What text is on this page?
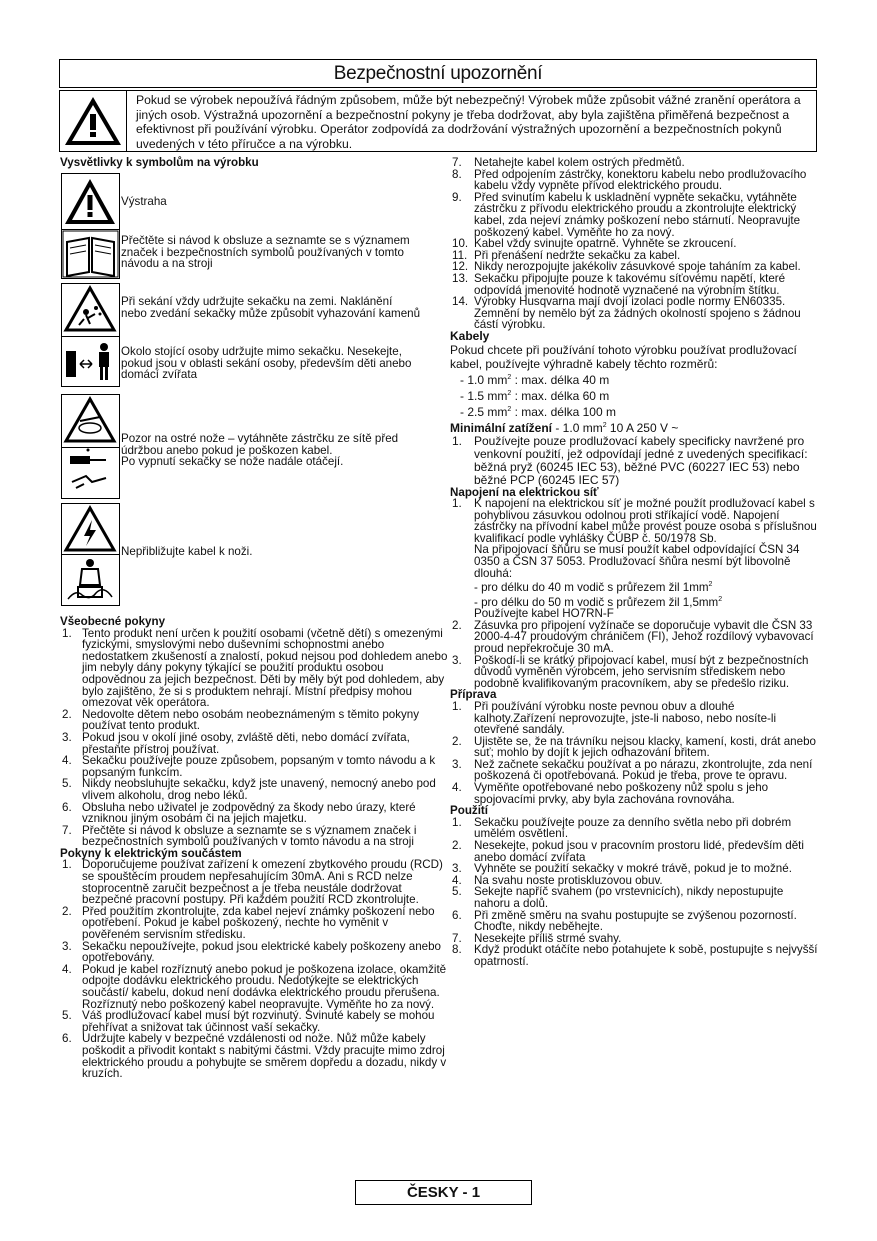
Bezpečnostní upozornění
Pokud se výrobek nepoužívá řádným způsobem, může být nebezpečný! Výrobek může způsobit vážné zranění operátora a jiných osob. Výstražná upozornění a bezpečnostní pokyny je třeba dodržovat, aby byla zajištěna přiměřená bezpečnost a efektivnost při používání výrobku. Operátor zodpovídá za dodržování výstražných upozornění a bezpečnostních pokynů uvedených v této příručce a na výrobku.
Vysvětlivky k symbolům na výrobku
Výstraha
Přečtěte si návod k obsluze a seznamte se s významem značek i bezpečnostních symbolů používaných v tomto návodu a na stroji
Při sekání vždy udržujte sekačku na zemi. Naklánění nebo zvedání sekačky může způsobit vyhazování kamenů
Okolo stojící osoby udržujte mimo sekačku. Nesekejte, pokud jsou v oblasti sekání osoby, především děti anebo domácí zvířata
Pozor na ostré nože – vytáhněte zástrčku ze sítě před údržbou anebo pokud je poškozen kabel.
Po vypnutí sekačky se nože nadále otáčejí.
Nepřibližujte kabel k noži.
Všeobecné pokyny
1. Tento produkt není určen k použití osobami (včetně dětí) s omezenými fyzickými, smyslovými nebo duševními schopnostmi anebo nedostatkem zkušeností a znalostí, pokud nejsou pod dohledem anebo jim nebyly dány pokyny týkající se použití produktu osobou odpovědnou za jejich bezpečnost. Děti by měly být pod dohledem, aby bylo zajištěno, že si s produktem nehrají. Místní předpisy mohou omezovat věk operátora.
2. Nedovolte dětem nebo osobám neobeznámeným s těmito pokyny používat tento produkt.
3. Pokud jsou v okolí jiné osoby, zvláště děti, nebo domácí zvířata, přestaňte přístroj používat.
4. Sekačku používejte pouze způsobem, popsaným v tomto návodu a k popsaným funkcím.
5. Nikdy neobsluhujte sekačku, když jste unavený, nemocný anebo pod vlivem alkoholu, drog nebo léků.
6. Obsluha nebo uživatel je zodpovědný za škody nebo úrazy, které vzniknou jiným osobám či na jejich majetku.
7. Přečtěte si návod k obsluze a seznamte se s významem značek i bezpečnostních symbolů používaných v tomto návodu a na stroji
Pokyny k elektrickým součástem
1. Doporučujeme používat zařízení k omezení zbytkového proudu (RCD) se spouštěcím proudem nepřesahujícím 30mA. Ani s RCD nelze stoprocentně zaručit bezpečnost a je třeba neustále dodržovat bezpečné pracovní postupy. Při každém použití RCD zkontrolujte.
2. Před použitím zkontrolujte, zda kabel nejeví známky poškození nebo opotřebení. Pokud je kabel poškozený, nechte ho vyměnit v pověřeném servisním středisku.
3. Sekačku nepoužívejte, pokud jsou elektrické kabely poškozeny anebo opotřebovány.
4. Pokud je kabel rozříznutý anebo pokud je poškozena izolace, okamžitě odpojte dodávku elektrického proudu. Nedotýkejte se elektrických součástí/ kabelu, dokud není dodávka elektrického proudu přerušena. Rozříznutý nebo poškozený kabel neopravujte. Vyměňte ho za nový.
5. Váš prodlužovací kabel musí být rozvinutý. Svinuté kabely se mohou přehřívat a snižovat tak účinnost vaší sekačky.
6. Udržujte kabely v bezpečné vzdálenosti od nože. Nůž může kabely poškodit a přivodit kontakt s nabitými částmi. Vždy pracujte mimo zdroj elektrického proudu a pohybujte se směrem dopředu a dozadu, nikdy v kruzích.
7. Netahejte kabel kolem ostrých předmětů.
8. Před odpojením zástrčky, konektoru kabelu nebo prodlužovacího kabelu vždy vypněte přívod elektrického proudu.
9. Před svinutím kabelu k uskladnění vypněte sekačku, vytáhněte zástrčku z přívodu elektrického proudu a zkontrolujte elektrický kabel, zda nejeví známky poškození nebo stárnutí. Neopravujte poškozený kabel. Vyměňte ho za nový.
10. Kabel vždy svinujte opatrně. Vyhněte se zkroucení.
11. Při přenášení nedržte sekačku za kabel.
12. Nikdy nerozpojujte jakékoliv zásuvkové spoje taháním za kabel.
13. Sekačku připojujte pouze k takovému síťovému napětí, které odpovídá jmenovité hodnotě vyznačené na výrobním štítku.
14. Výrobky Husqvarna mají dvojí izolaci podle normy EN60335. Zemnění by nemělo být za žádných okolností spojeno s žádnou částí výrobku.
Kabely
Pokud chcete při používání tohoto výrobku používat prodlužovací kabel, používejte výhradně kabely těchto rozměrů:
- 1.0 $mm^2$ : max. délka 40 m
- 1.5 $mm^2$ : max. délka 60 m
- 2.5 $mm^2$ : max. délka 100 m
Minimální zatížení - 1.0 $mm^2$ 10 A 250 V ~
1. Používejte pouze prodlužovací kabely specificky navržené pro venkovní použití, jež odpovídají jedné z uvedených specifikací: běžná pryž (60245 IEC 53), běžné PVC (60227 IEC 53) nebo běžné PCP (60245 IEC 57)
Napojení na elektrickou síť
1. K napojení na elektrickou síť je možné použít prodlužovací kabel s pohyblivou zásuvkou odolnou proti stříkající vodě. Napojení zástrčky na přívodní kabel může provést pouze osoba s příslušnou kvalifikací podle vyhlášky ČÚBP č. 50/1978 Sb.
Na připojovací šňůru se musí použít kabel odpovídající ČSN 34 0350 a ČSN 37 5053. Prodlužovací šňůra nesmí být libovolně dlouhá:
- pro délku do 40 m vodič s průřezem žil $1mm^2$
- pro délku do 50 m vodič s průřezem žil $1,5mm^2$
Používejte kabel HO7RN-F
2. Zásuvka pro připojení vyžínače se doporučuje vybavit dle ČSN 33 2000-4-47 proudovým chráničem (FI), Jehož rozdílový vybavovací proud nepřekročuje 30 mA.
3. Poškodí-li se krátký připojovací kabel, musí být z bezpečnostních důvodů vyměněn výrobcem, jeho servisním střediskem nebo podobně kvalifikovaným pracovníkem, aby se předešlo riziku.
Příprava
1. Při používání výrobku noste pevnou obuv a dlouhé kalhoty.Zařízení neprovozujte, jste-li naboso, nebo nosíte-li otevřené sandály.
2. Ujistěte se, že na trávníku nejsou klacky, kamení, kosti, drát anebo suť; mohlo by dojít k jejich odhazování břitem.
3. Než začnete sekačku používat a po nárazu, zkontrolujte, zda není poškozená či opotřebovaná. Pokud je třeba, prove te opravu.
4. Vyměňte opotřebované nebo poškozeny nůž spolu s jeho spojovacími prvky, aby byla zachována rovnováha.
Použití
1. Sekačku používejte pouze za denního světla nebo při dobrém umělém osvětlení.
2. Nesekejte, pokud jsou v pracovním prostoru lidé, především děti anebo domácí zvířata
3. Vyhněte se použití sekačky v mokré trávě, pokud je to možné.
4. Na svahu noste protiskluzovou obuv.
5. Sekejte napříč svahem (po vrstevnicích), nikdy nepostupujte nahoru a dolů.
6. Při změně směru na svahu postupujte se zvýšenou pozorností. Choďte, nikdy neběhejte.
7. Nesekejte příliš strmé svahy.
8. Když produkt otáčíte nebo potahujete k sobě, postupujte s nejvyšší opatrností.
ČESKY - 1
